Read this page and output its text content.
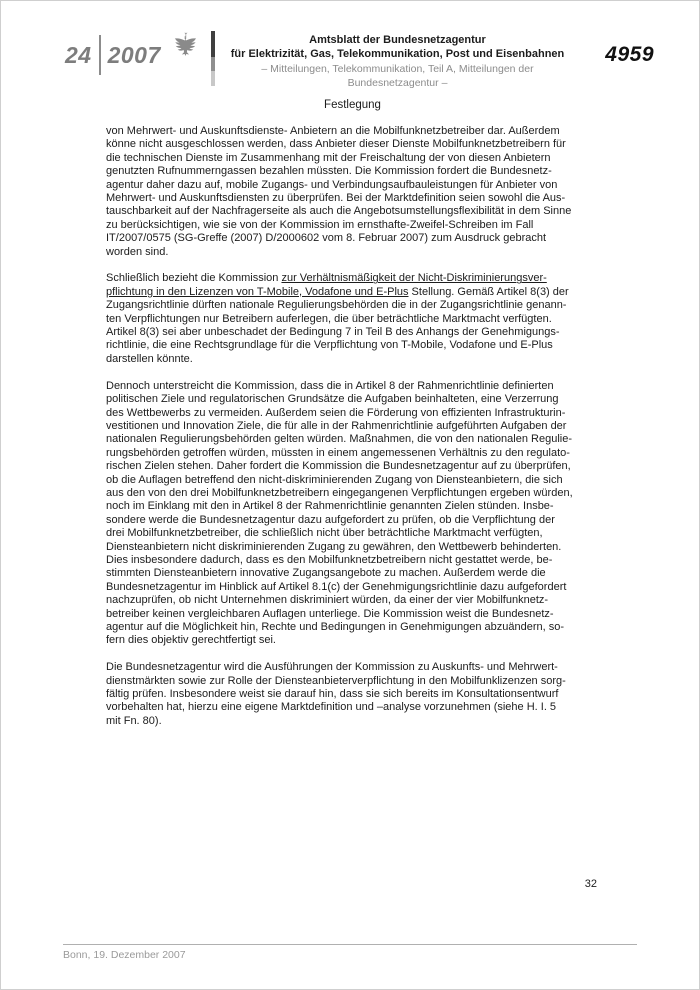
24 2007
Amtsblatt der Bundesnetzagentur
für Elektrizität, Gas, Telekommunikation, Post und Eisenbahnen
– Mitteilungen, Telekommunikation, Teil A, Mitteilungen der Bundesnetzagentur –
4959
Festlegung
von Mehrwert- und Auskunftsdienste- Anbietern an die Mobilfunknetzbetreiber dar. Außerdem
könne nicht ausgeschlossen werden, dass Anbieter dieser Dienste Mobilfunknetzbetreibern für
die technischen Dienste im Zusammenhang mit der Freischaltung der von diesen Anbietern
genutzten Rufnummerngassen bezahlen müssten. Die Kommission fordert die Bundesnetz-
agentur daher dazu auf, mobile Zugangs- und Verbindungsaufbauleistungen für Anbieter von
Mehrwert- und Auskunftsdiensten zu überprüfen. Bei der Marktdefinition seien sowohl die Aus-
tauschbarkeit auf der Nachfragerseite als auch die Angebotsumstellungsflexibilität in dem Sinne
zu berücksichtigen, wie sie von der Kommission im ernsthafte-Zweifel-Schreiben im Fall
IT/2007/0575 (SG-Greffe (2007) D/2000602 vom 8. Februar 2007) zum Ausdruck gebracht
worden sind.
Schließlich bezieht die Kommission zur Verhältnismäßigkeit der Nicht-Diskriminierungsver-
pflichtung in den Lizenzen von T-Mobile, Vodafone und E-Plus Stellung. Gemäß Artikel 8(3) der
Zugangsrichtlinie dürften nationale Regulierungsbehörden die in der Zugangsrichtlinie genann-
ten Verpflichtungen nur Betreibern auferlegen, die über beträchtliche Marktmacht verfügten.
Artikel 8(3) sei aber unbeschadet der Bedingung 7 in Teil B des Anhangs der Genehmigungs-
richtlinie, die eine Rechtsgrundlage für die Verpflichtung von T-Mobile, Vodafone und E-Plus
darstellen könnte.
Dennoch unterstreicht die Kommission, dass die in Artikel 8 der Rahmenrichtlinie definierten
politischen Ziele und regulatorischen Grundsätze die Aufgaben beinhalteten, eine Verzerrung
des Wettbewerbs zu vermeiden. Außerdem seien die Förderung von effizienten Infrastrukturin-
vestitionen und Innovation Ziele, die für alle in der Rahmenrichtlinie aufgeführten Aufgaben der
nationalen Regulierungsbehörden gelten würden. Maßnahmen, die von den nationalen Regulie-
rungsbehörden getroffen würden, müssten in einem angemessenen Verhältnis zu den regulato-
rischen Zielen stehen. Daher fordert die Kommission die Bundesnetzagentur auf zu überprüfen,
ob die Auflagen betreffend den nicht-diskriminierenden Zugang von Diensteanbietern, die sich
aus den von den drei Mobilfunknetzbetreibern eingegangenen Verpflichtungen ergeben würden,
noch im Einklang mit den in Artikel 8 der Rahmenrichtlinie genannten Zielen stünden. Insbe-
sondere werde die Bundesnetzagentur dazu aufgefordert zu prüfen, ob die Verpflichtung der
drei Mobilfunknetzbetreiber, die schließlich nicht über beträchtliche Marktmacht verfügten,
Diensteanbietern nicht diskriminierenden Zugang zu gewähren, den Wettbewerb behinderten.
Dies insbesondere dadurch, dass es den Mobilfunknetzbetreibern nicht gestattet werde, be-
stimmten Diensteanbietern innovative Zugangsangebote zu machen. Außerdem werde die
Bundesnetzagentur im Hinblick auf Artikel 8.1(c) der Genehmigungsrichtlinie dazu aufgefordert
nachzuprüfen, ob nicht Unternehmen diskriminiert würden, da einer der vier Mobilfunknetz-
betreiber keinen vergleichbaren Auflagen unterliege. Die Kommission weist die Bundesnetz-
agentur auf die Möglichkeit hin, Rechte und Bedingungen in Genehmigungen abzuändern, so-
fern dies objektiv gerechtfertigt sei.
Die Bundesnetzagentur wird die Ausführungen der Kommission zu Auskunfts- und Mehrwert-
dienstmärkten sowie zur Rolle der Diensteanbieterverpflichtung in den Mobilfunklizenzen sorg-
fältig prüfen. Insbesondere weist sie darauf hin, dass sie sich bereits im Konsultationsentwurf
vorbehalten hat, hierzu eine eigene Marktdefinition und –analyse vorzunehmen (siehe H. I. 5
mit Fn. 80).
32
Bonn, 19. Dezember 2007
